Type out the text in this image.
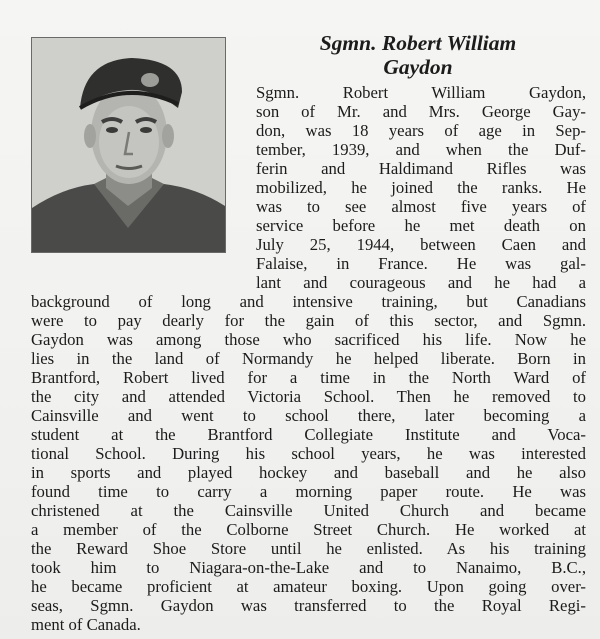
Sgmn. Robert William
Gaydon
Sgmn. Robert William Gaydon,
son of Mr. and Mrs. George Gay-
don, was 18 years of age in Sep-
tember, 1939, and when the Duf-
ferin and Haldimand Rifles was
mobilized, he joined the ranks. He
was to see almost five years of
service before he met death on
July 25, 1944, between Caen and
Falaise, in France. He was gal-
lant and courageous and he had a
background of long and intensive training, but Canadians
were to pay dearly for the gain of this sector, and Sgmn.
Gaydon was among those who sacrificed his life. Now he
lies in the land of Normandy he helped liberate. Born in
Brantford, Robert lived for a time in the North Ward of
the city and attended Victoria School. Then he removed to
Cainsville and went to school there, later becoming a
student at the Brantford Collegiate Institute and Voca-
tional School. During his school years, he was interested
in sports and played hockey and baseball and he also
found time to carry a morning paper route. He was
christened at the Cainsville United Church and became
a member of the Colborne Street Church. He worked at
the Reward Shoe Store until he enlisted. As his training
took him to Niagara-on-the-Lake and to Nanaimo, B.C.,
he became proficient at amateur boxing. Upon going over-
seas, Sgmn. Gaydon was transferred to the Royal Regi-
ment of Canada.
